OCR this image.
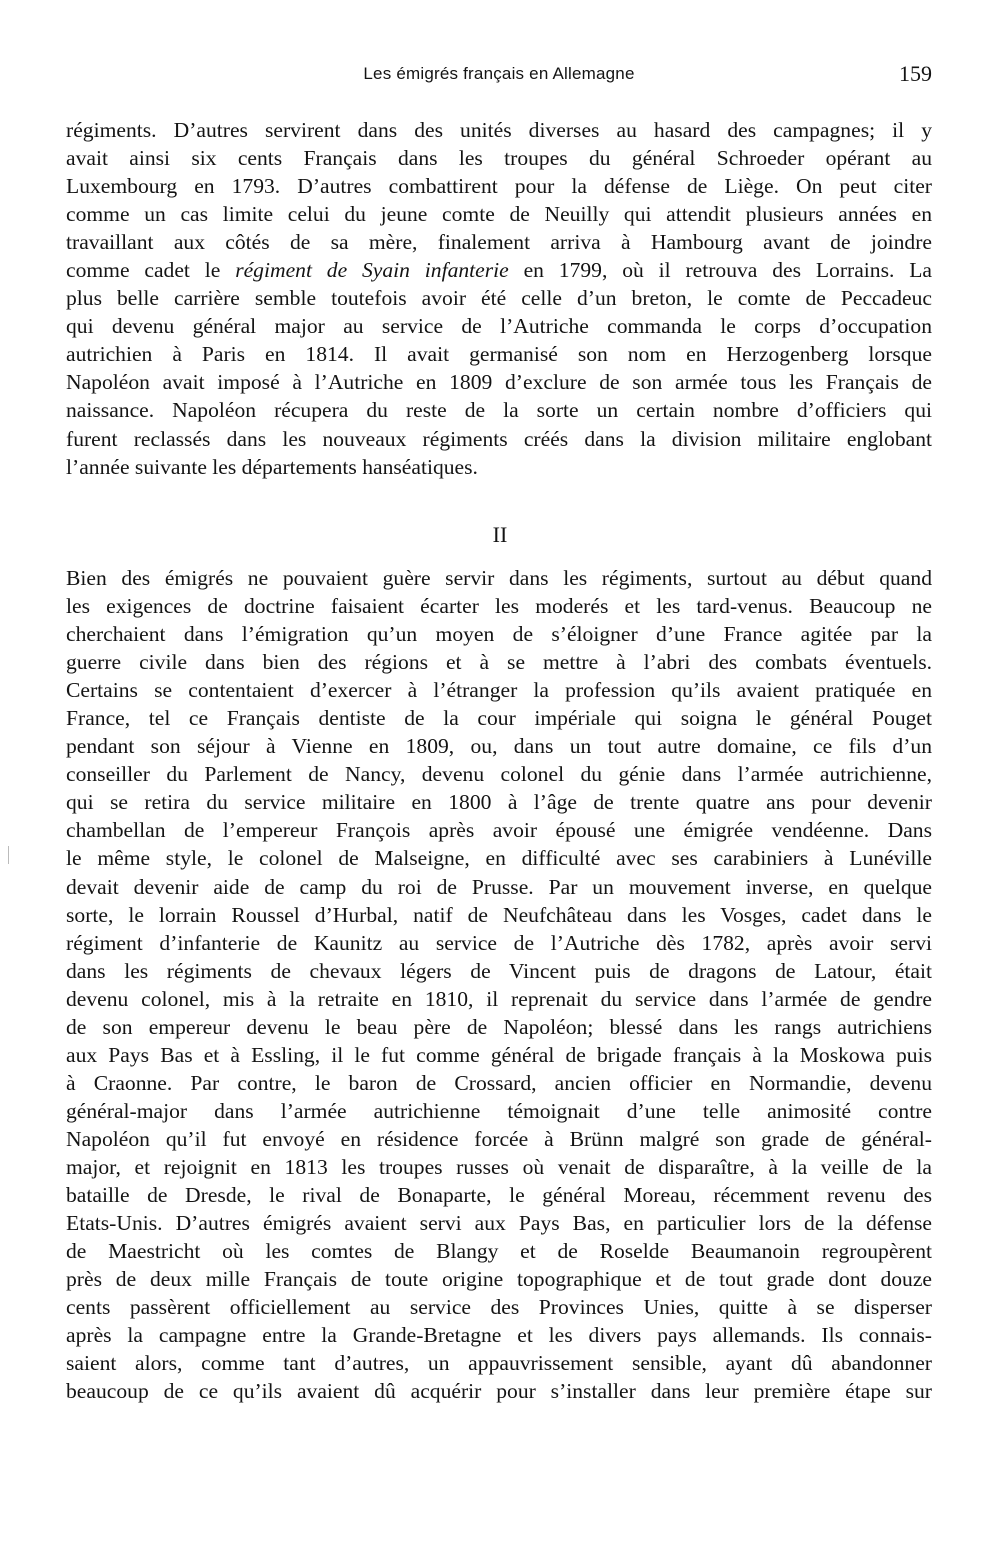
Les émigrés français en Allemagne	159

régiments. D’autres servirent dans des unités diverses au hasard des campagnes; il y
avait ainsi six cents Français dans les troupes du général Schroeder opérant au
Luxembourg en 1793. D’autres combattirent pour la défense de Liège. On peut citer
comme un cas limite celui du jeune comte de Neuilly qui attendit plusieurs années en
travaillant aux côtés de sa mère, finalement arriva à Hambourg avant de joindre
comme cadet le régiment de Syain infanterie en 1799, où il retrouva des Lorrains. La
plus belle carrière semble toutefois avoir été celle d’un breton, le comte de Peccadeuc
qui devenu général major au service de l’Autriche commanda le corps d’occupation
autrichien à Paris en 1814. Il avait germanisé son nom en Herzogenberg lorsque
Napoléon avait imposé à l’Autriche en 1809 d’exclure de son armée tous les Français de
naissance. Napoléon récupera du reste de la sorte un certain nombre d’officiers qui
furent reclassés dans les nouveaux régiments créés dans la division militaire englobant
l’année suivante les départements hanséatiques.

II

Bien des émigrés ne pouvaient guère servir dans les régiments, surtout au début quand
les exigences de doctrine faisaient écarter les moderés et les tard-venus. Beaucoup ne
cherchaient dans l’émigration qu’un moyen de s’éloigner d’une France agitée par la
guerre civile dans bien des régions et à se mettre à l’abri des combats éventuels.
Certains se contentaient d’exercer à l’étranger la profession qu’ils avaient pratiquée en
France, tel ce Français dentiste de la cour impériale qui soigna le général Pouget
pendant son séjour à Vienne en 1809, ou, dans un tout autre domaine, ce fils d’un
conseiller du Parlement de Nancy, devenu colonel du génie dans l’armée autrichienne,
qui se retira du service militaire en 1800 à l’âge de trente quatre ans pour devenir
chambellan de l’empereur François après avoir épousé une émigrée vendéenne. Dans
le même style, le colonel de Malseigne, en difficulté avec ses carabiniers à Lunéville
devait devenir aide de camp du roi de Prusse. Par un mouvement inverse, en quelque
sorte, le lorrain Roussel d’Hurbal, natif de Neufchâteau dans les Vosges, cadet dans le
régiment d’infanterie de Kaunitz au service de l’Autriche dès 1782, après avoir servi
dans les régiments de chevaux légers de Vincent puis de dragons de Latour, était
devenu colonel, mis à la retraite en 1810, il reprenait du service dans l’armée de gendre
de son empereur devenu le beau père de Napoléon; blessé dans les rangs autrichiens
aux Pays Bas et à Essling, il le fut comme général de brigade français à la Moskowa puis
à Craonne. Par contre, le baron de Crossard, ancien officier en Normandie, devenu
général-major dans l’armée autrichienne témoignait d’une telle animosité contre
Napoléon qu’il fut envoyé en résidence forcée à Brünn malgré son grade de général-
major, et rejoignit en 1813 les troupes russes où venait de disparaître, à la veille de la
bataille de Dresde, le rival de Bonaparte, le général Moreau, récemment revenu des
Etats-Unis. D’autres émigrés avaient servi aux Pays Bas, en particulier lors de la défense
de Maestricht où les comtes de Blangy et de Roselde Beaumanoin regroupèrent
près de deux mille Français de toute origine topographique et de tout grade dont douze
cents passèrent officiellement au service des Provinces Unies, quitte à se disperser
après la campagne entre la Grande-Bretagne et les divers pays allemands. Ils connais-
saient alors, comme tant d’autres, un appauvrissement sensible, ayant dû abandonner
beaucoup de ce qu’ils avaient dû acquérir pour s’installer dans leur première étape sur
